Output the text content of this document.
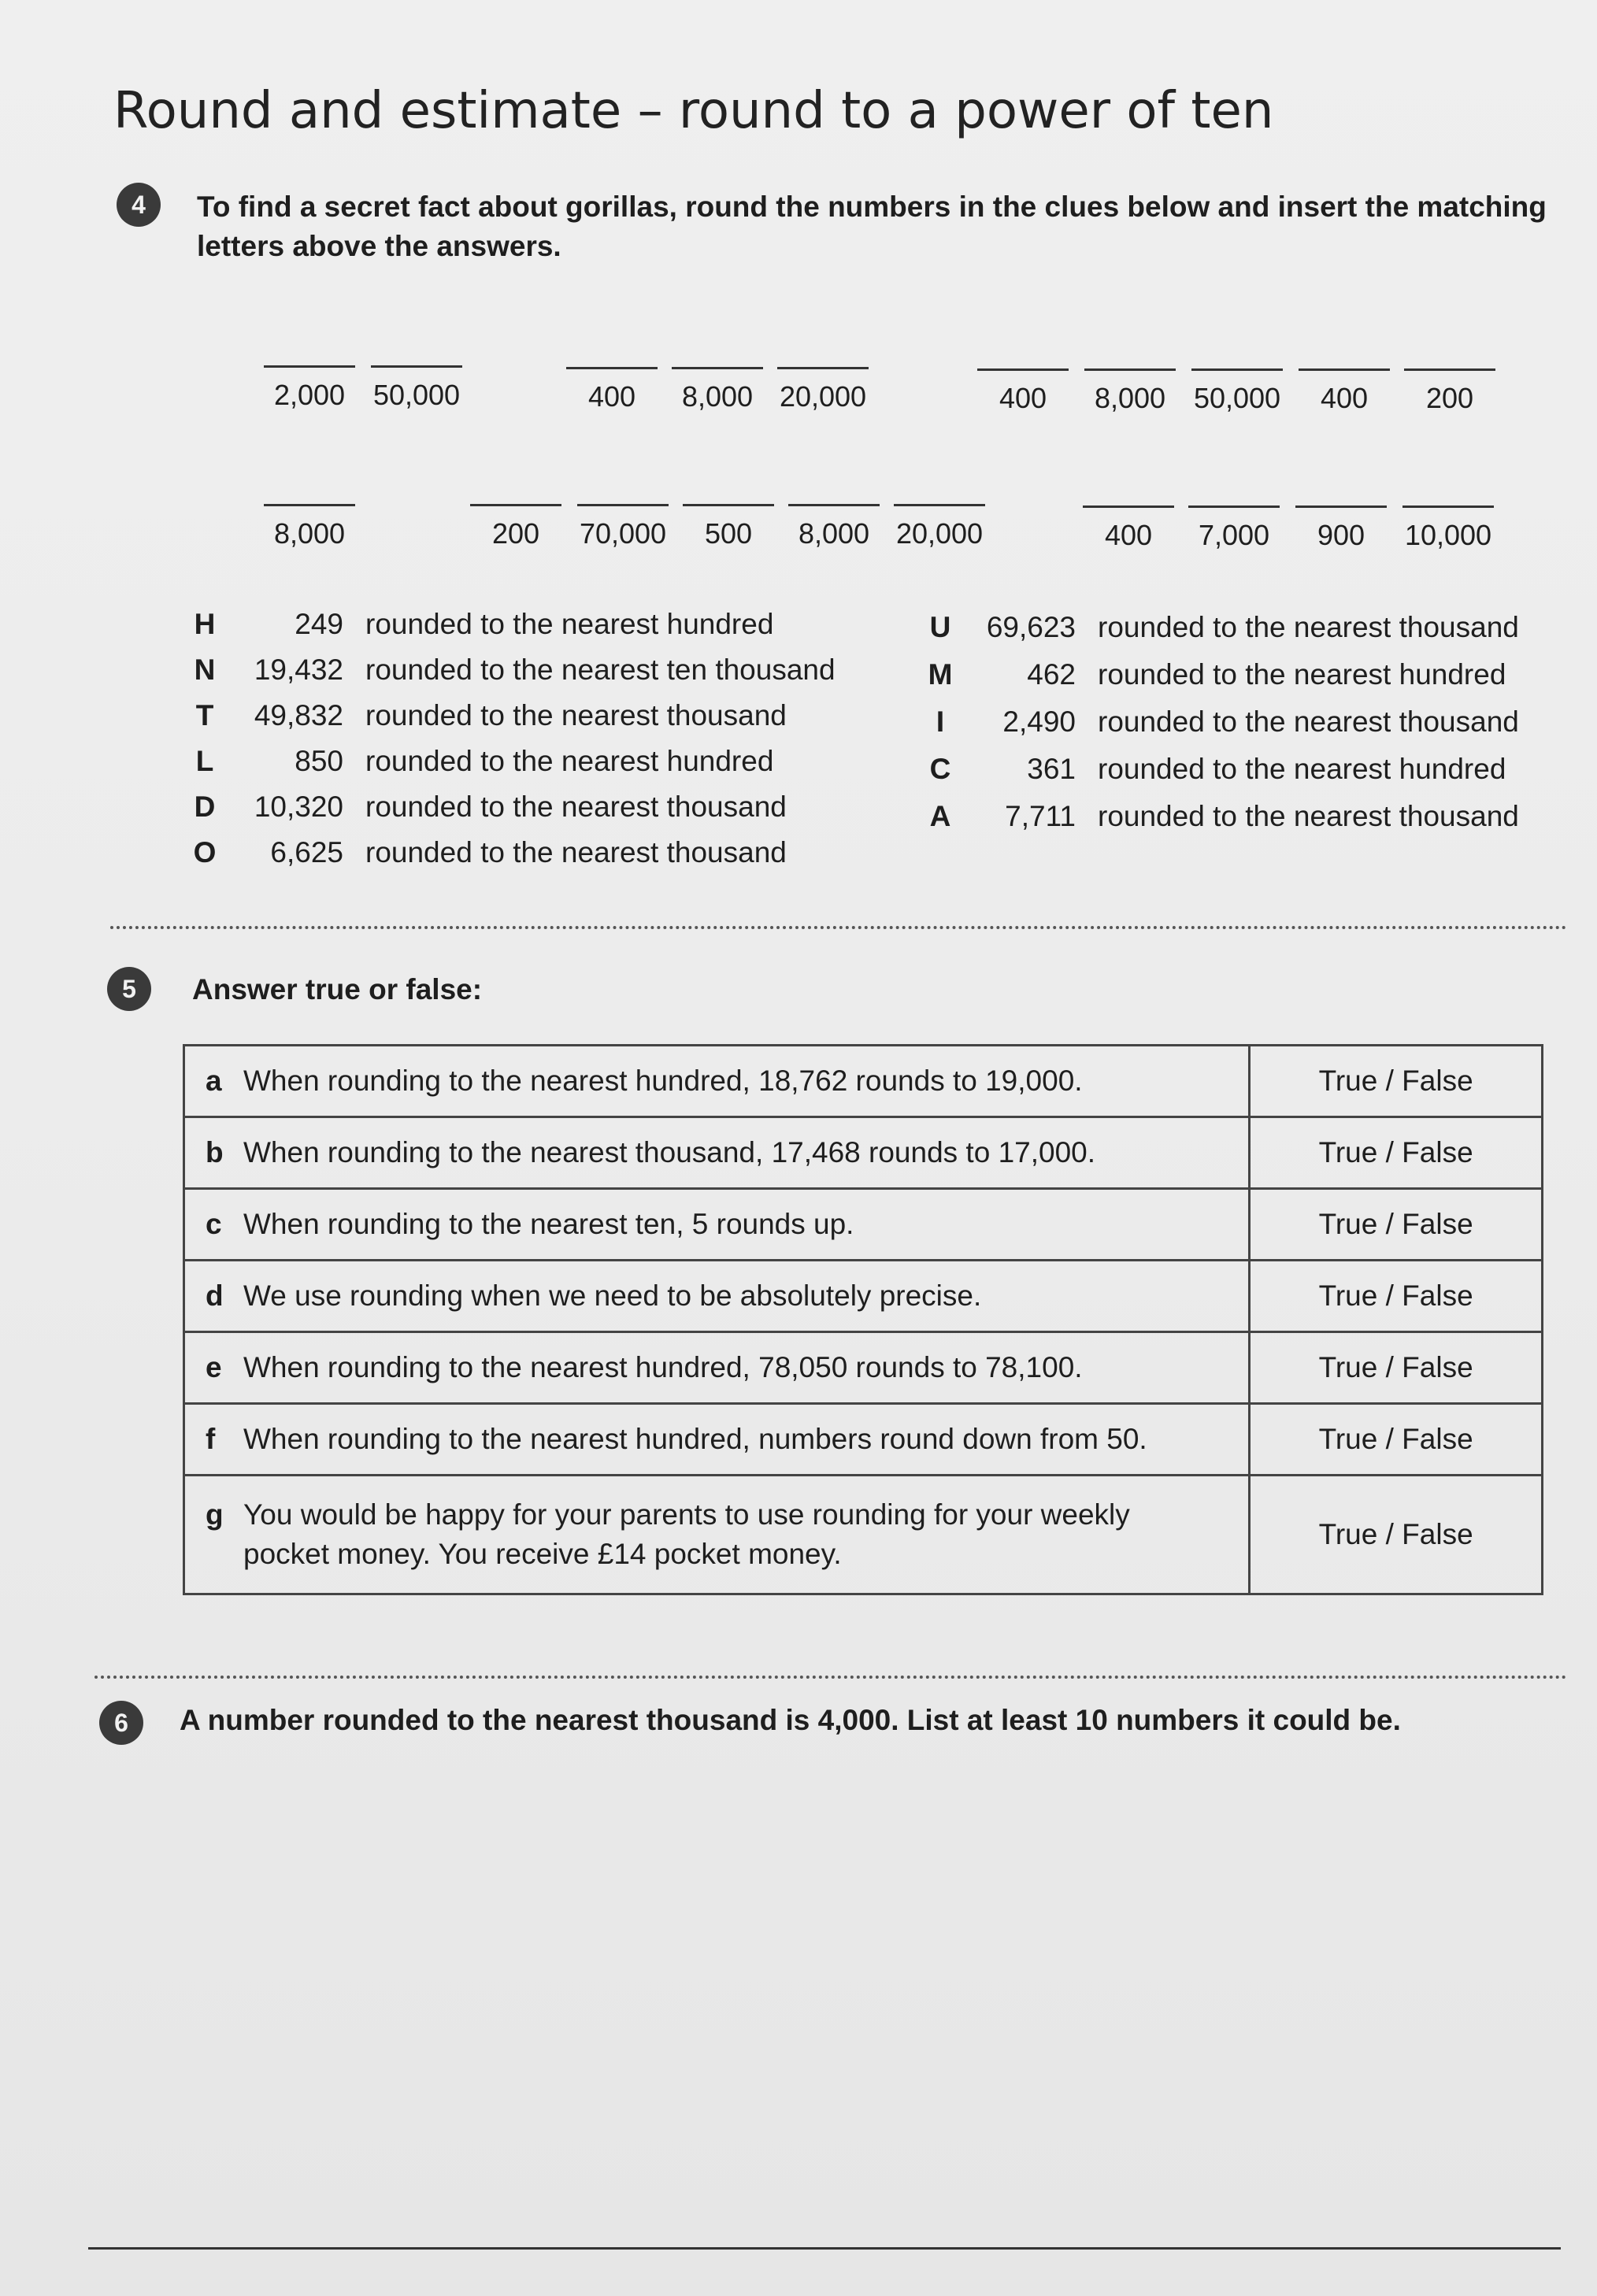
Round and estimate – round to a power of ten
4	To find a secret fact about gorillas, round the numbers in the clues below and insert the matching letters above the answers.
2,000 50,000	400	8,000 20,000	400	8,000 50,000	400	200
8,000	200	70,000	500	8,000 20,000	400	7,000	900	10,000
H	249 rounded to the nearest hundred
N	19,432 rounded to the nearest ten thousand
T	49,832 rounded to the nearest thousand
L	850 rounded to the nearest hundred
D	10,320 rounded to the nearest thousand
O	6,625 rounded to the nearest thousand
U	69,623 rounded to the nearest thousand
M	462 rounded to the nearest hundred
I	2,490 rounded to the nearest thousand
C	361 rounded to the nearest hundred
A	7,711 rounded to the nearest thousand
5	Answer true or false:
a When rounding to the nearest hundred, 18,762 rounds to 19,000.	True / False
b When rounding to the nearest thousand, 17,468 rounds to 17,000.	True / False
c When rounding to the nearest ten, 5 rounds up.	True / False
d We use rounding when we need to be absolutely precise.	True / False
e When rounding to the nearest hundred, 78,050 rounds to 78,100.	True / False
f When rounding to the nearest hundred, numbers round down from 50.	True / False
g You would be happy for your parents to use rounding for your weekly pocket money. You receive £14 pocket money.	True / False
6	A number rounded to the nearest thousand is 4,000. List at least 10 numbers it could be.
